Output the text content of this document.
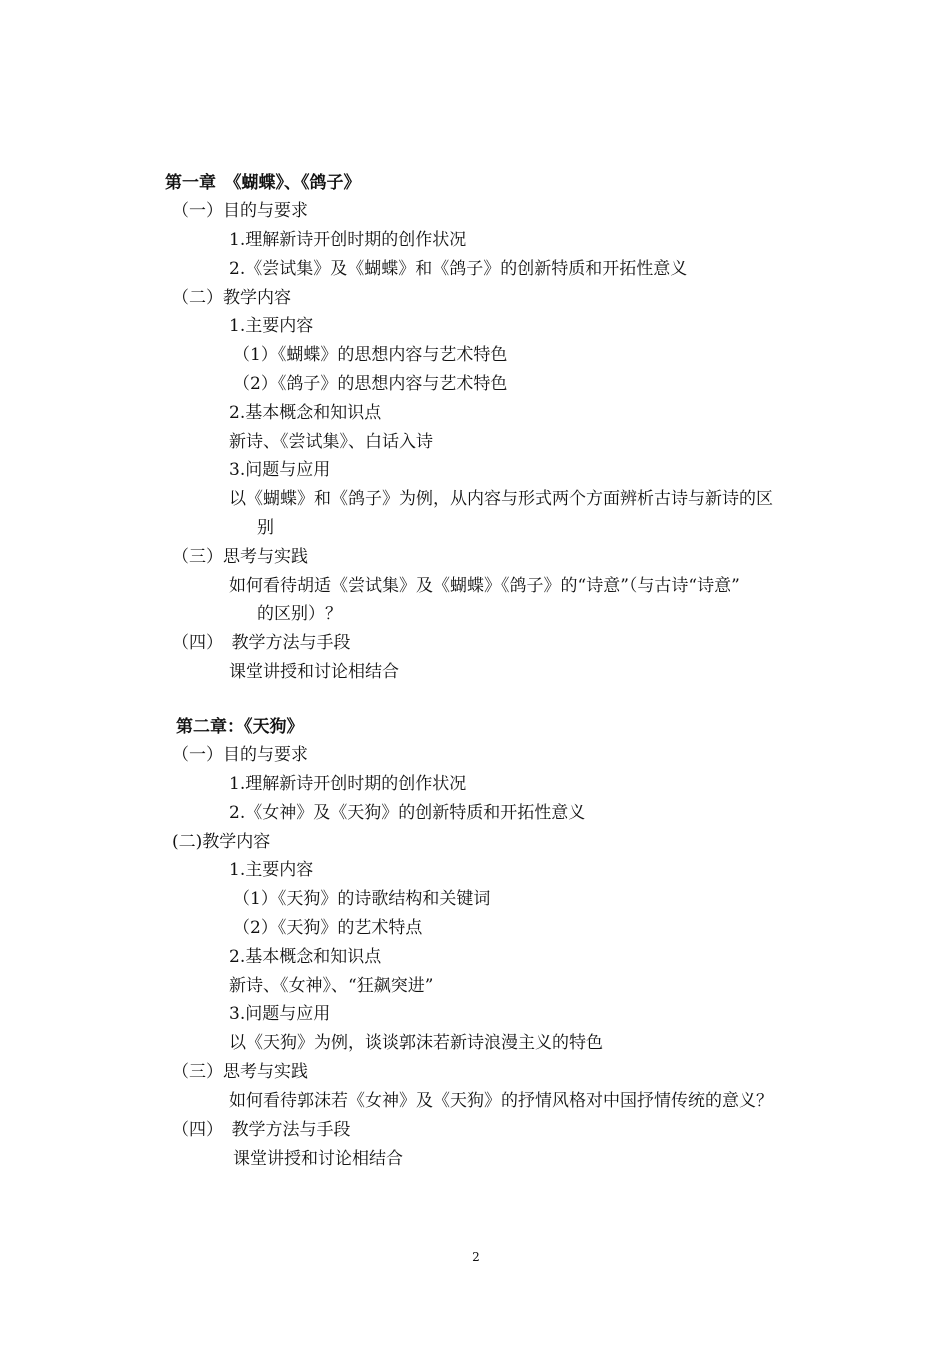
第一章　《蝴蝶》、《鸽子》
（一）目的与要求
1.理解新诗开创时期的创作状况
2.《尝试集》及《蝴蝶》和《鸽子》的创新特质和开拓性意义
（二）教学内容
1.主要内容
（1）《蝴蝶》的思想内容与艺术特色
（2）《鸽子》的思想内容与艺术特色
2.基本概念和知识点
新诗、《尝试集》、白话入诗
3.问题与应用
以《蝴蝶》和《鸽子》为例，从内容与形式两个方面辨析古诗与新诗的区
别
（三）思考与实践
如何看待胡适《尝试集》及《蝴蝶》《鸽子》的“诗意”（与古诗“诗意”
的区别）？
（四）　教学方法与手段
课堂讲授和讨论相结合
第二章：《天狗》
（一）目的与要求
1.理解新诗开创时期的创作状况
2.《女神》及《天狗》的创新特质和开拓性意义
(二)教学内容
1.主要内容
（1）《天狗》的诗歌结构和关键词
（2）《天狗》的艺术特点
2.基本概念和知识点
新诗、《女神》、“狂飙突进”
3.问题与应用
以《天狗》为例，谈谈郭沫若新诗浪漫主义的特色
（三）思考与实践
如何看待郭沫若《女神》及《天狗》的抒情风格对中国抒情传统的意义？
（四）　教学方法与手段
课堂讲授和讨论相结合
2
